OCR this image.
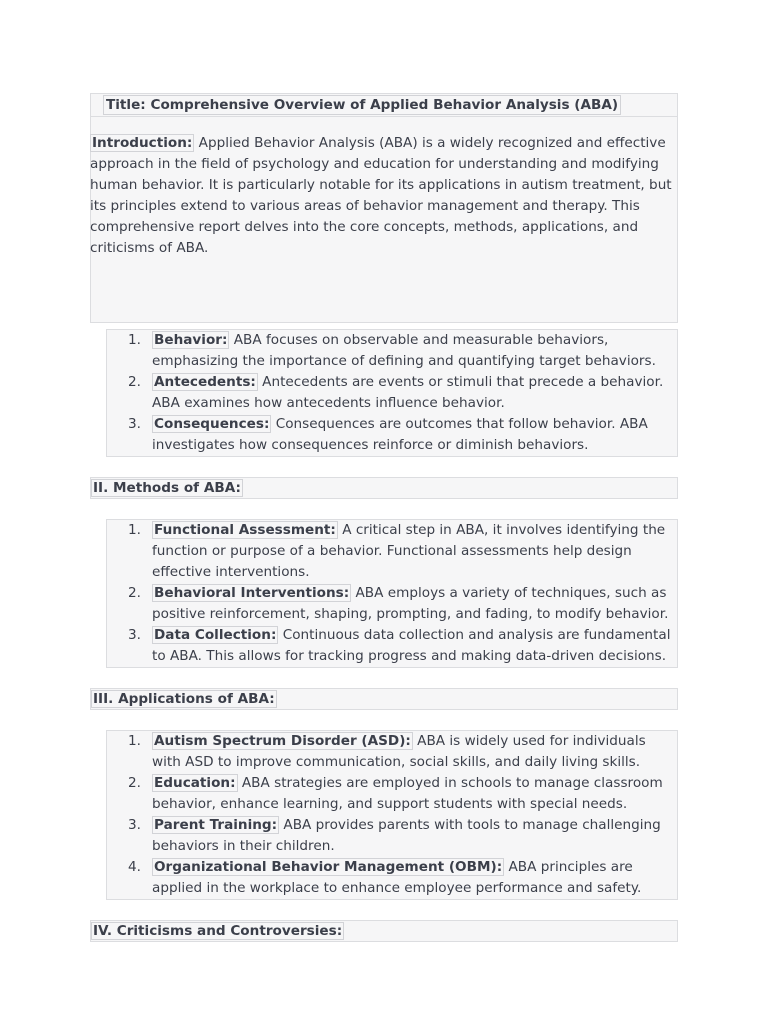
Title: Comprehensive Overview of Applied Behavior Analysis (ABA)
Introduction: Applied Behavior Analysis (ABA) is a widely recognized and effective approach in the field of psychology and education for understanding and modifying human behavior. It is particularly notable for its applications in autism treatment, but its principles extend to various areas of behavior management and therapy. This comprehensive report delves into the core concepts, methods, applications, and criticisms of ABA.
1. Behavior: ABA focuses on observable and measurable behaviors, emphasizing the importance of defining and quantifying target behaviors.
2. Antecedents: Antecedents are events or stimuli that precede a behavior. ABA examines how antecedents influence behavior.
3. Consequences: Consequences are outcomes that follow behavior. ABA investigates how consequences reinforce or diminish behaviors.
II. Methods of ABA:
1. Functional Assessment: A critical step in ABA, it involves identifying the function or purpose of a behavior. Functional assessments help design effective interventions.
2. Behavioral Interventions: ABA employs a variety of techniques, such as positive reinforcement, shaping, prompting, and fading, to modify behavior.
3. Data Collection: Continuous data collection and analysis are fundamental to ABA. This allows for tracking progress and making data-driven decisions.
III. Applications of ABA:
1. Autism Spectrum Disorder (ASD): ABA is widely used for individuals with ASD to improve communication, social skills, and daily living skills.
2. Education: ABA strategies are employed in schools to manage classroom behavior, enhance learning, and support students with special needs.
3. Parent Training: ABA provides parents with tools to manage challenging behaviors in their children.
4. Organizational Behavior Management (OBM): ABA principles are applied in the workplace to enhance employee performance and safety.
IV. Criticisms and Controversies:
